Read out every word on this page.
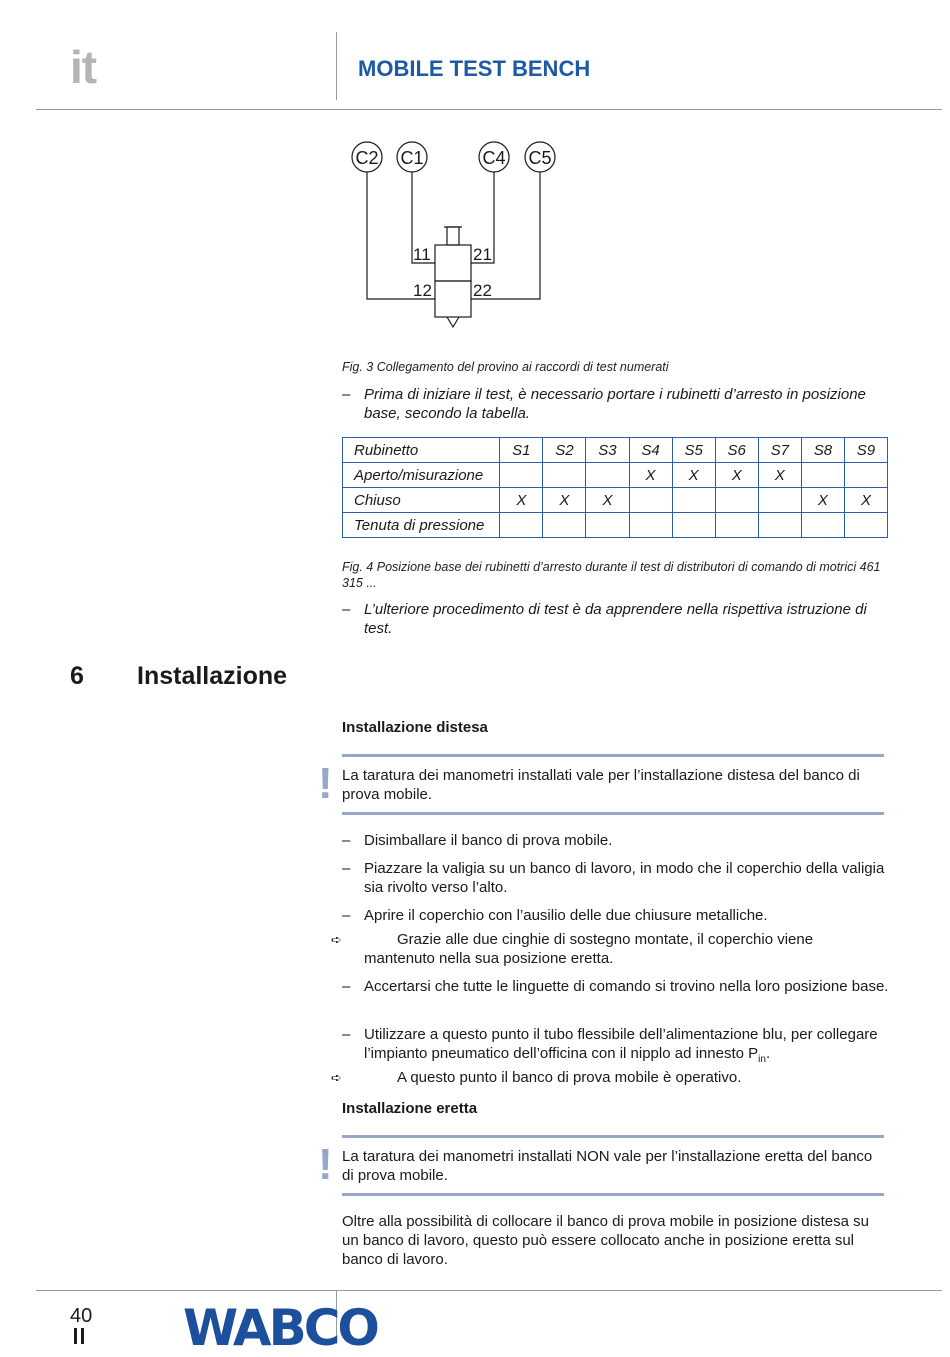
it	MOBILE TEST BENCH
C2 C1	C4 C5
11 21
12 22
Fig. 3 Collegamento del provino ai raccordi di test numerati
– Prima di iniziare il test, è necessario portare i rubinetti d’arresto in posizione base, secondo la tabella.
Rubinetto	S1	S2	S3	S4	S5	S6	S7	S8	S9
Aperto/misurazione				X	X	X	X		
Chiuso	X	X	X					X	X
Tenuta di pressione									
Fig. 4 Posizione base dei rubinetti d’arresto durante il test di distributori di comando di motrici 461 315 ...
– L’ulteriore procedimento di test è da apprendere nella rispettiva istruzione di test.
6 Installazione
Installazione distesa
! La taratura dei manometri installati vale per l’installazione distesa del banco di prova mobile.
– Disimballare il banco di prova mobile.
– Piazzare la valigia su un banco di lavoro, in modo che il coperchio della valigia sia rivolto verso l’alto.
– Aprire il coperchio con l’ausilio delle due chiusure metalliche.
➪	Grazie alle due cinghie di sostegno montate, il coperchio viene mantenuto nella sua posizione eretta.
– Accertarsi che tutte le linguette di comando si trovino nella loro posizione base.
– Utilizzare a questo punto il tubo flessibile dell’alimentazione blu, per collegare l’impianto pneumatico dell’officina con il nipplo ad innesto $P_{in}$.
➪	A questo punto il banco di prova mobile è operativo.
Installazione eretta
! La taratura dei manometri installati NON vale per l’installazione eretta del banco di prova mobile.
Oltre alla possibilità di collocare il banco di prova mobile in posizione distesa su un banco di lavoro, questo può essere collocato anche in posizione eretta sul banco di lavoro.
40 WABCO
